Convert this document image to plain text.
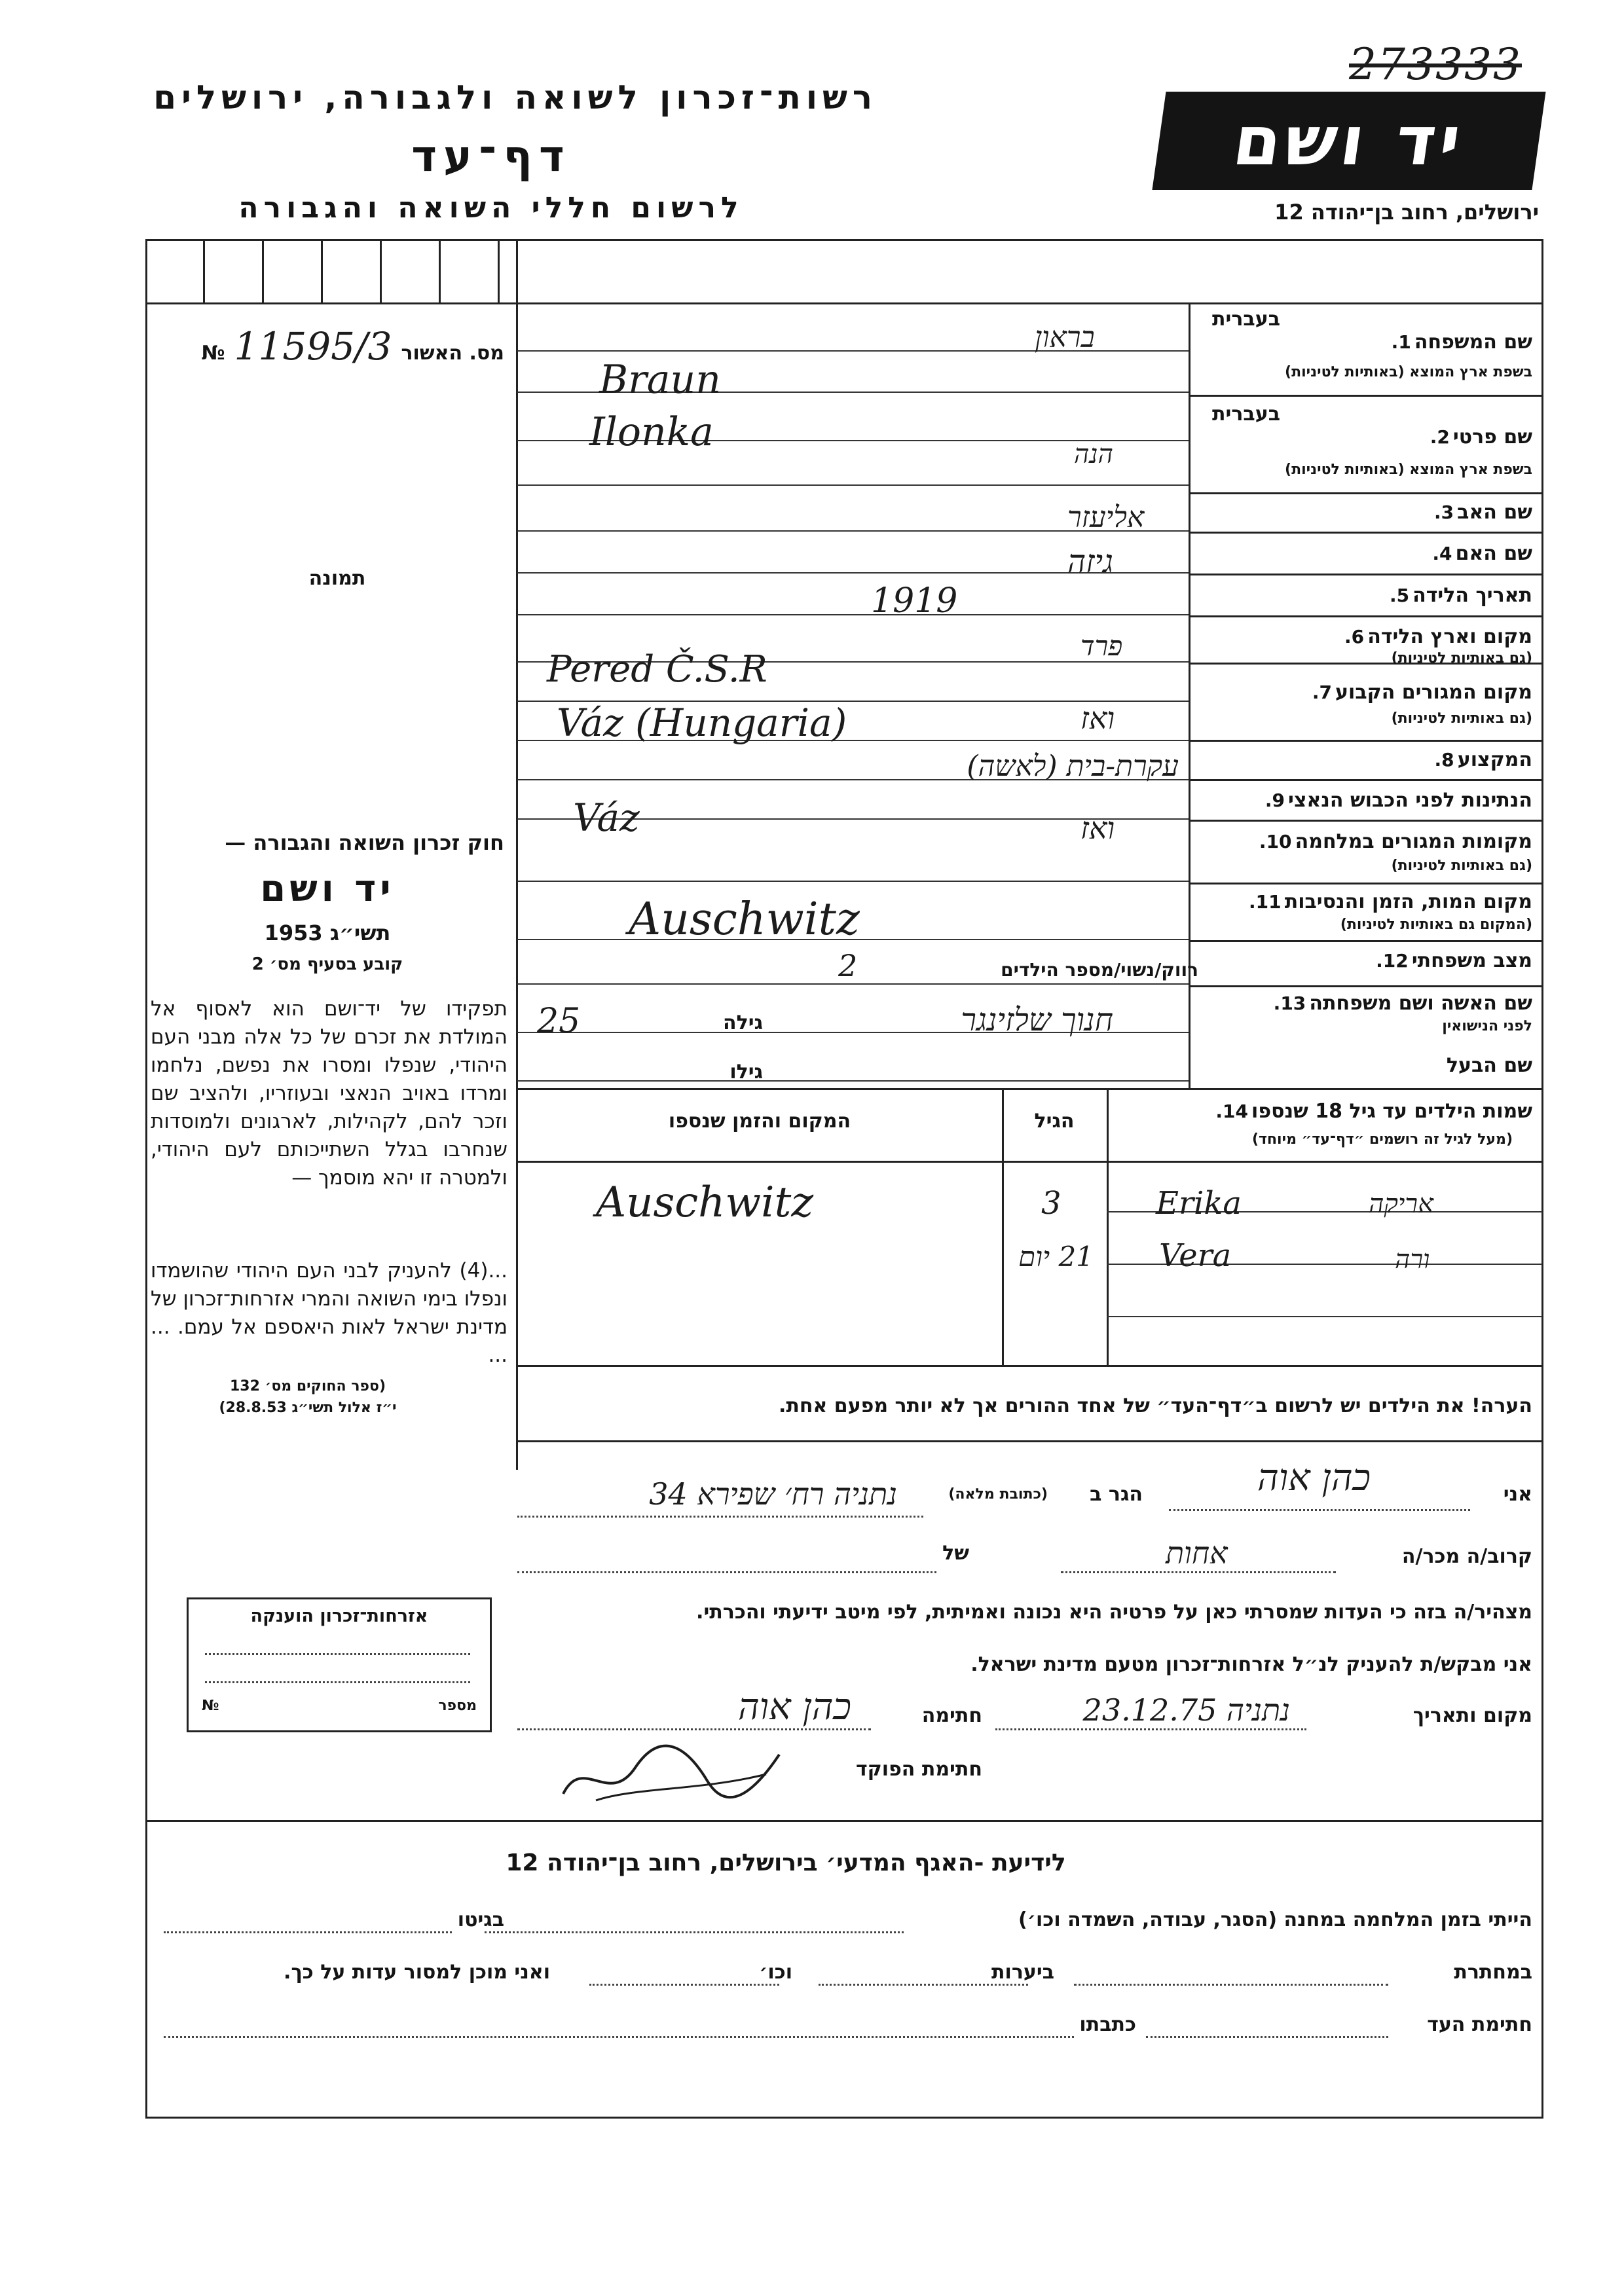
273333
רשות־זכרון לשואה ולגבורה, ירושלים
דף־עד
לרשום חללי השואה והגבורה
יד ושם
ירושלים, רחוב בן־יהודה 12
מס. האשור
11595/3
№
תמונה
חוק זכרון השואה והגבורה —
יד ושם
תשי״ג 1953
קובע בסעיף מס׳ 2
תפקידו של יד־ושם הוא לאסוף אל המולדת את זכרם של כל אלה מבני העם היהודי, שנפלו ומסרו את נפשם, נלחמו ומרדו באויב הנאצי ובעוזריו, ולהציב שם וזכר להם, לקהילות, לארגונים ולמוסדות שנחרבו בגלל השתייכותם לעם היהודי, ולמטרה זו יהא מוסמך —
...(4) להעניק לבני העם היהודי שהושמדו ונפלו בימי השואה והמרי אזרחות־זכרון של מדינת ישראל לאות היאספם אל עמם. ... ...
(ספר החוקים מס׳ 132
י״ז אלול תשי״ג 28.8.53)
אזרחות־זכרון הוענקה
מספר
№
שם המשפחה 1.
בעברית
בשפת ארץ המוצא (באותיות לטיניות)
בראון
Braun
שם פרטי 2.
בעברית
בשפת ארץ המוצא (באותיות לטיניות)
הנה
Ilonka
שם האב 3.
אליעזר
שם האם 4.
גיזה
תאריך הלידה 5.
1919
מקום וארץ הלידה 6.
(גם באותיות לטיניות)
פרד
Pered Č.S.R
מקום המגורים הקבוע 7.
(גם באותיות לטיניות)
ואז
Váz (Hungaria)
המקצוע 8.
עקרת-בית (לאשה)
הנתינות לפני הכבוש הנאצי 9.
ואז	מקומות המגורים במלחמה 10.
(גם באותיות לטיניות)
Váz
מקום המות, הזמן והנסיבות 11.
(המקום גם באותיות לטיניות)
Auschwitz
מצב משפחתי 12.
רווק/נשוי/מספר הילדים
2
שם האשה ושם משפחתה 13.
לפני הנישואין
שם הבעל
חנוך שלזינגר
גילה
25
גילו
שמות הילדים עד גיל 18 שנספו 14.
(מעל לגיל זה רושמים ״דף־עד״ מיוחד)
הגיל
המקום והזמן שנספו
אריקה
Erika
3
Auschwitz
ורה
Vera
21 יום
הערה! את הילדים יש לרשום ב״דף־העד״ של אחד ההורים אך לא יותר מפעם אחת.
אני
כהן אוה
הגר ב
(כתובת מלאה)
נתניה רח׳ שפירא 34
קרוב/ה מכר/ה
אחות
של
מצהיר/ה בזה כי העדות שמסרתי כאן על פרטיה היא נכונה ואמיתית, לפי מיטב ידיעתי והכרתי.
אני מבקש/ת להעניק לנ״ל אזרחות־זכרון מטעם מדינת ישראל.
מקום ותאריך
נתניה 23.12.75
חתימה
כהן אוה
חתימת הפוקד
לידיעת -האגף המדעי׳ בירושלים, רחוב בן־יהודה 12
הייתי בזמן המלחמה במחנה (הסגר, עבודה, השמדה וכו׳)
בגיטו
במחתרת
ביערות
וכו׳
ואני מוכן למסור עדות על כך.
חתימת העד
כתבתו
